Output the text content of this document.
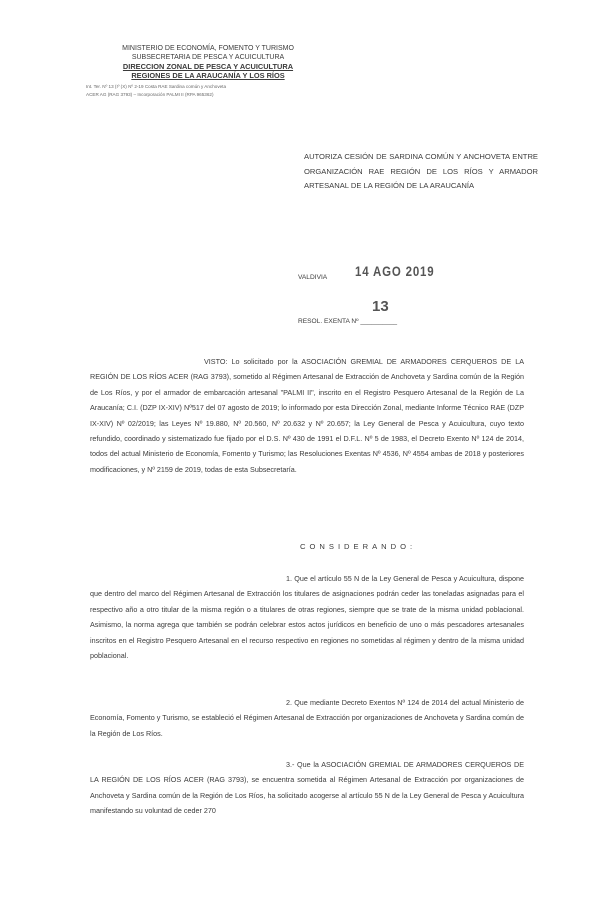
MINISTERIO DE ECONOMÍA, FOMENTO Y TURISMO
SUBSECRETARIA DE PESCA Y ACUICULTURA
DIRECCION ZONAL DE PESCA Y ACUICULTURA
REGIONES DE LA ARAUCANÍA Y LOS RÍOS
Int. Ter. Nº 13 (Iº (X) Nº 2-19 Costa RAE Sardina común y Anchoveta
ACER AG (RAG 3793) – Incorporación PALMI II (RPA 965362)
AUTORIZA CESIÓN DE SARDINA COMÚN Y ANCHOVETA ENTRE ORGANIZACIÓN RAE REGIÓN DE LOS RÍOS Y ARMADOR ARTESANAL DE LA REGIÓN DE LA ARAUCANÍA
VALDIVIA 14 AGO 2019
RESOL. EXENTA Nº __________
13
VISTO: Lo solicitado por la ASOCIACIÓN GREMIAL DE ARMADORES CERQUEROS DE LA REGIÓN DE LOS RÍOS ACER (RAG 3793), sometido al Régimen Artesanal de Extracción de Anchoveta y Sardina común de la Región de Los Ríos, y por el armador de embarcación artesanal "PALMI II", inscrito en el Registro Pesquero Artesanal de la Región de La Araucanía; C.I. (DZP IX-XIV) Nº517 del 07 agosto de 2019; lo informado por esta Dirección Zonal, mediante Informe Técnico RAE (DZP IX-XIV) Nº 02/2019; las Leyes Nº 19.880, Nº 20.560, Nº 20.632 y Nº 20.657; la Ley General de Pesca y Acuicultura, cuyo texto refundido, coordinado y sistematizado fue fijado por el D.S. Nº 430 de 1991 el D.F.L. Nº 5 de 1983, el Decreto Exento Nº 124 de 2014, todos del actual Ministerio de Economía, Fomento y Turismo; las Resoluciones Exentas Nº 4536, Nº 4554 ambas de 2018 y posteriores modificaciones, y Nº 2159 de 2019, todas de esta Subsecretaría.
CONSIDERANDO:
1. Que el artículo 55 N de la Ley General de Pesca y Acuicultura, dispone que dentro del marco del Régimen Artesanal de Extracción los titulares de asignaciones podrán ceder las toneladas asignadas para el respectivo año a otro titular de la misma región o a titulares de otras regiones, siempre que se trate de la misma unidad poblacional. Asimismo, la norma agrega que también se podrán celebrar estos actos jurídicos en beneficio de uno o más pescadores artesanales inscritos en el Registro Pesquero Artesanal en el recurso respectivo en regiones no sometidas al régimen y dentro de la misma unidad poblacional.
2. Que mediante Decreto Exentos Nº 124 de 2014 del actual Ministerio de Economía, Fomento y Turismo, se estableció el Régimen Artesanal de Extracción por organizaciones de Anchoveta y Sardina común de la Región de Los Ríos.
3.- Que la ASOCIACIÓN GREMIAL DE ARMADORES CERQUEROS DE LA REGIÓN DE LOS RÍOS ACER (RAG 3793), se encuentra sometida al Régimen Artesanal de Extracción por organizaciones de Anchoveta y Sardina común de la Región de Los Ríos, ha solicitado acogerse al artículo 55 N de la Ley General de Pesca y Acuicultura manifestando su voluntad de ceder 270
